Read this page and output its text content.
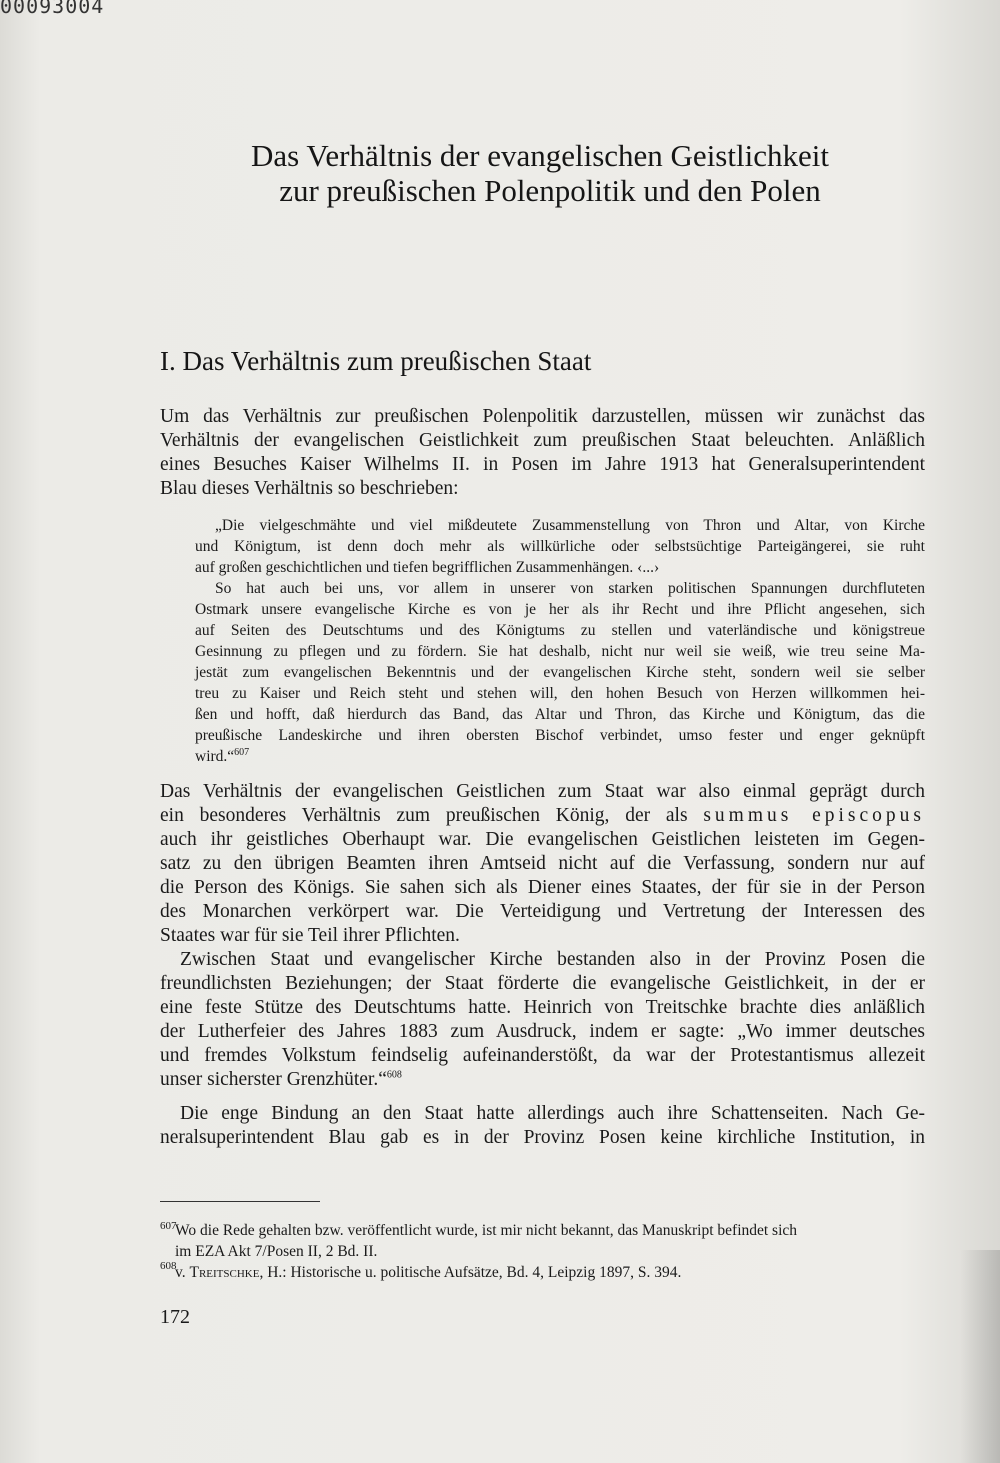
00093004
Das Verhältnis der evangelischen Geistlichkeit
zur preußischen Polenpolitik und den Polen
I. Das Verhältnis zum preußischen Staat
Um das Verhältnis zur preußischen Polenpolitik darzustellen, müssen wir zunächst das
Verhältnis der evangelischen Geistlichkeit zum preußischen Staat beleuchten. Anläßlich
eines Besuches Kaiser Wilhelms II. in Posen im Jahre 1913 hat Generalsuperintendent
Blau dieses Verhältnis so beschrieben:
„Die vielgeschmähte und viel mißdeutete Zusammenstellung von Thron und Altar, von Kirche
und Königtum, ist denn doch mehr als willkürliche oder selbstsüchtige Parteigängerei, sie ruht
auf großen geschichtlichen und tiefen begrifflichen Zusammenhängen. ‹...›
So hat auch bei uns, vor allem in unserer von starken politischen Spannungen durchfluteten
Ostmark unsere evangelische Kirche es von je her als ihr Recht und ihre Pflicht angesehen, sich
auf Seiten des Deutschtums und des Königtums zu stellen und vaterländische und königstreue
Gesinnung zu pflegen und zu fördern. Sie hat deshalb, nicht nur weil sie weiß, wie treu seine Ma-
jestät zum evangelischen Bekenntnis und der evangelischen Kirche steht, sondern weil sie selber
treu zu Kaiser und Reich steht und stehen will, den hohen Besuch von Herzen willkommen hei-
ßen und hofft, daß hierdurch das Band, das Altar und Thron, das Kirche und Königtum, das die
preußische Landeskirche und ihren obersten Bischof verbindet, umso fester und enger geknüpft
wird.“$^{607}$
Das Verhältnis der evangelischen Geistlichen zum Staat war also einmal geprägt durch
ein besonderes Verhältnis zum preußischen König, der als summus episcopus
auch ihr geistliches Oberhaupt war. Die evangelischen Geistlichen leisteten im Gegen-
satz zu den übrigen Beamten ihren Amtseid nicht auf die Verfassung, sondern nur auf
die Person des Königs. Sie sahen sich als Diener eines Staates, der für sie in der Person
des Monarchen verkörpert war. Die Verteidigung und Vertretung der Interessen des
Staates war für sie Teil ihrer Pflichten.
Zwischen Staat und evangelischer Kirche bestanden also in der Provinz Posen die
freundlichsten Beziehungen; der Staat förderte die evangelische Geistlichkeit, in der er
eine feste Stütze des Deutschtums hatte. Heinrich von Treitschke brachte dies anläßlich
der Lutherfeier des Jahres 1883 zum Ausdruck, indem er sagte: „Wo immer deutsches
und fremdes Volkstum feindselig aufeinanderstößt, da war der Protestantismus allezeit
unser sicherster Grenzhüter.“$^{608}$
Die enge Bindung an den Staat hatte allerdings auch ihre Schattenseiten. Nach Ge-
neralsuperintendent Blau gab es in der Provinz Posen keine kirchliche Institution, in
607
Wo die Rede gehalten bzw. veröffentlicht wurde, ist mir nicht bekannt, das Manuskript befindet sich
im EZA Akt 7/Posen II, 2 Bd. II.
608
v. Treitschke, H.: Historische u. politische Aufsätze, Bd. 4, Leipzig 1897, S. 394.
172
